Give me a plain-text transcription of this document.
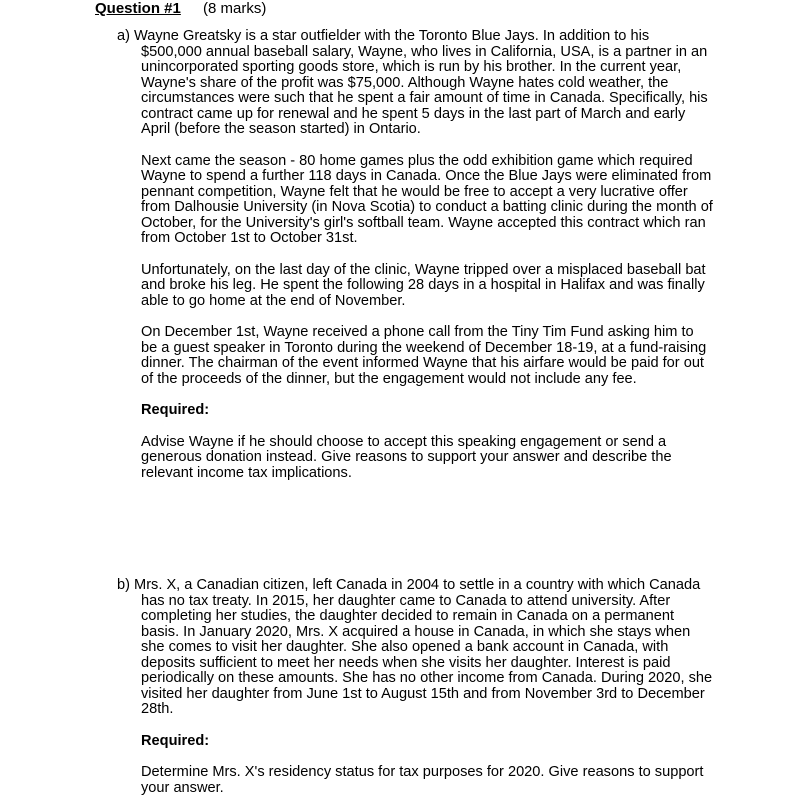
Question #1 (8 marks)

a) Wayne Greatsky is a star outfielder with the Toronto Blue Jays. In addition to his $500,000 annual baseball salary, Wayne, who lives in California, USA, is a partner in an unincorporated sporting goods store, which is run by his brother. In the current year, Wayne's share of the profit was $75,000. Although Wayne hates cold weather, the circumstances were such that he spent a fair amount of time in Canada. Specifically, his contract came up for renewal and he spent 5 days in the last part of March and early April (before the season started) in Ontario.

Next came the season - 80 home games plus the odd exhibition game which required Wayne to spend a further 118 days in Canada. Once the Blue Jays were eliminated from pennant competition, Wayne felt that he would be free to accept a very lucrative offer from Dalhousie University (in Nova Scotia) to conduct a batting clinic during the month of October, for the University's girl's softball team. Wayne accepted this contract which ran from October 1st to October 31st.

Unfortunately, on the last day of the clinic, Wayne tripped over a misplaced baseball bat and broke his leg. He spent the following 28 days in a hospital in Halifax and was finally able to go home at the end of November.

On December 1st, Wayne received a phone call from the Tiny Tim Fund asking him to be a guest speaker in Toronto during the weekend of December 18-19, at a fund-raising dinner. The chairman of the event informed Wayne that his airfare would be paid for out of the proceeds of the dinner, but the engagement would not include any fee.

Required:

Advise Wayne if he should choose to accept this speaking engagement or send a generous donation instead. Give reasons to support your answer and describe the relevant income tax implications.

b) Mrs. X, a Canadian citizen, left Canada in 2004 to settle in a country with which Canada has no tax treaty. In 2015, her daughter came to Canada to attend university. After completing her studies, the daughter decided to remain in Canada on a permanent basis. In January 2020, Mrs. X acquired a house in Canada, in which she stays when she comes to visit her daughter. She also opened a bank account in Canada, with deposits sufficient to meet her needs when she visits her daughter. Interest is paid periodically on these amounts. She has no other income from Canada. During 2020, she visited her daughter from June 1st to August 15th and from November 3rd to December 28th.

Required:

Determine Mrs. X's residency status for tax purposes for 2020. Give reasons to support your answer.
